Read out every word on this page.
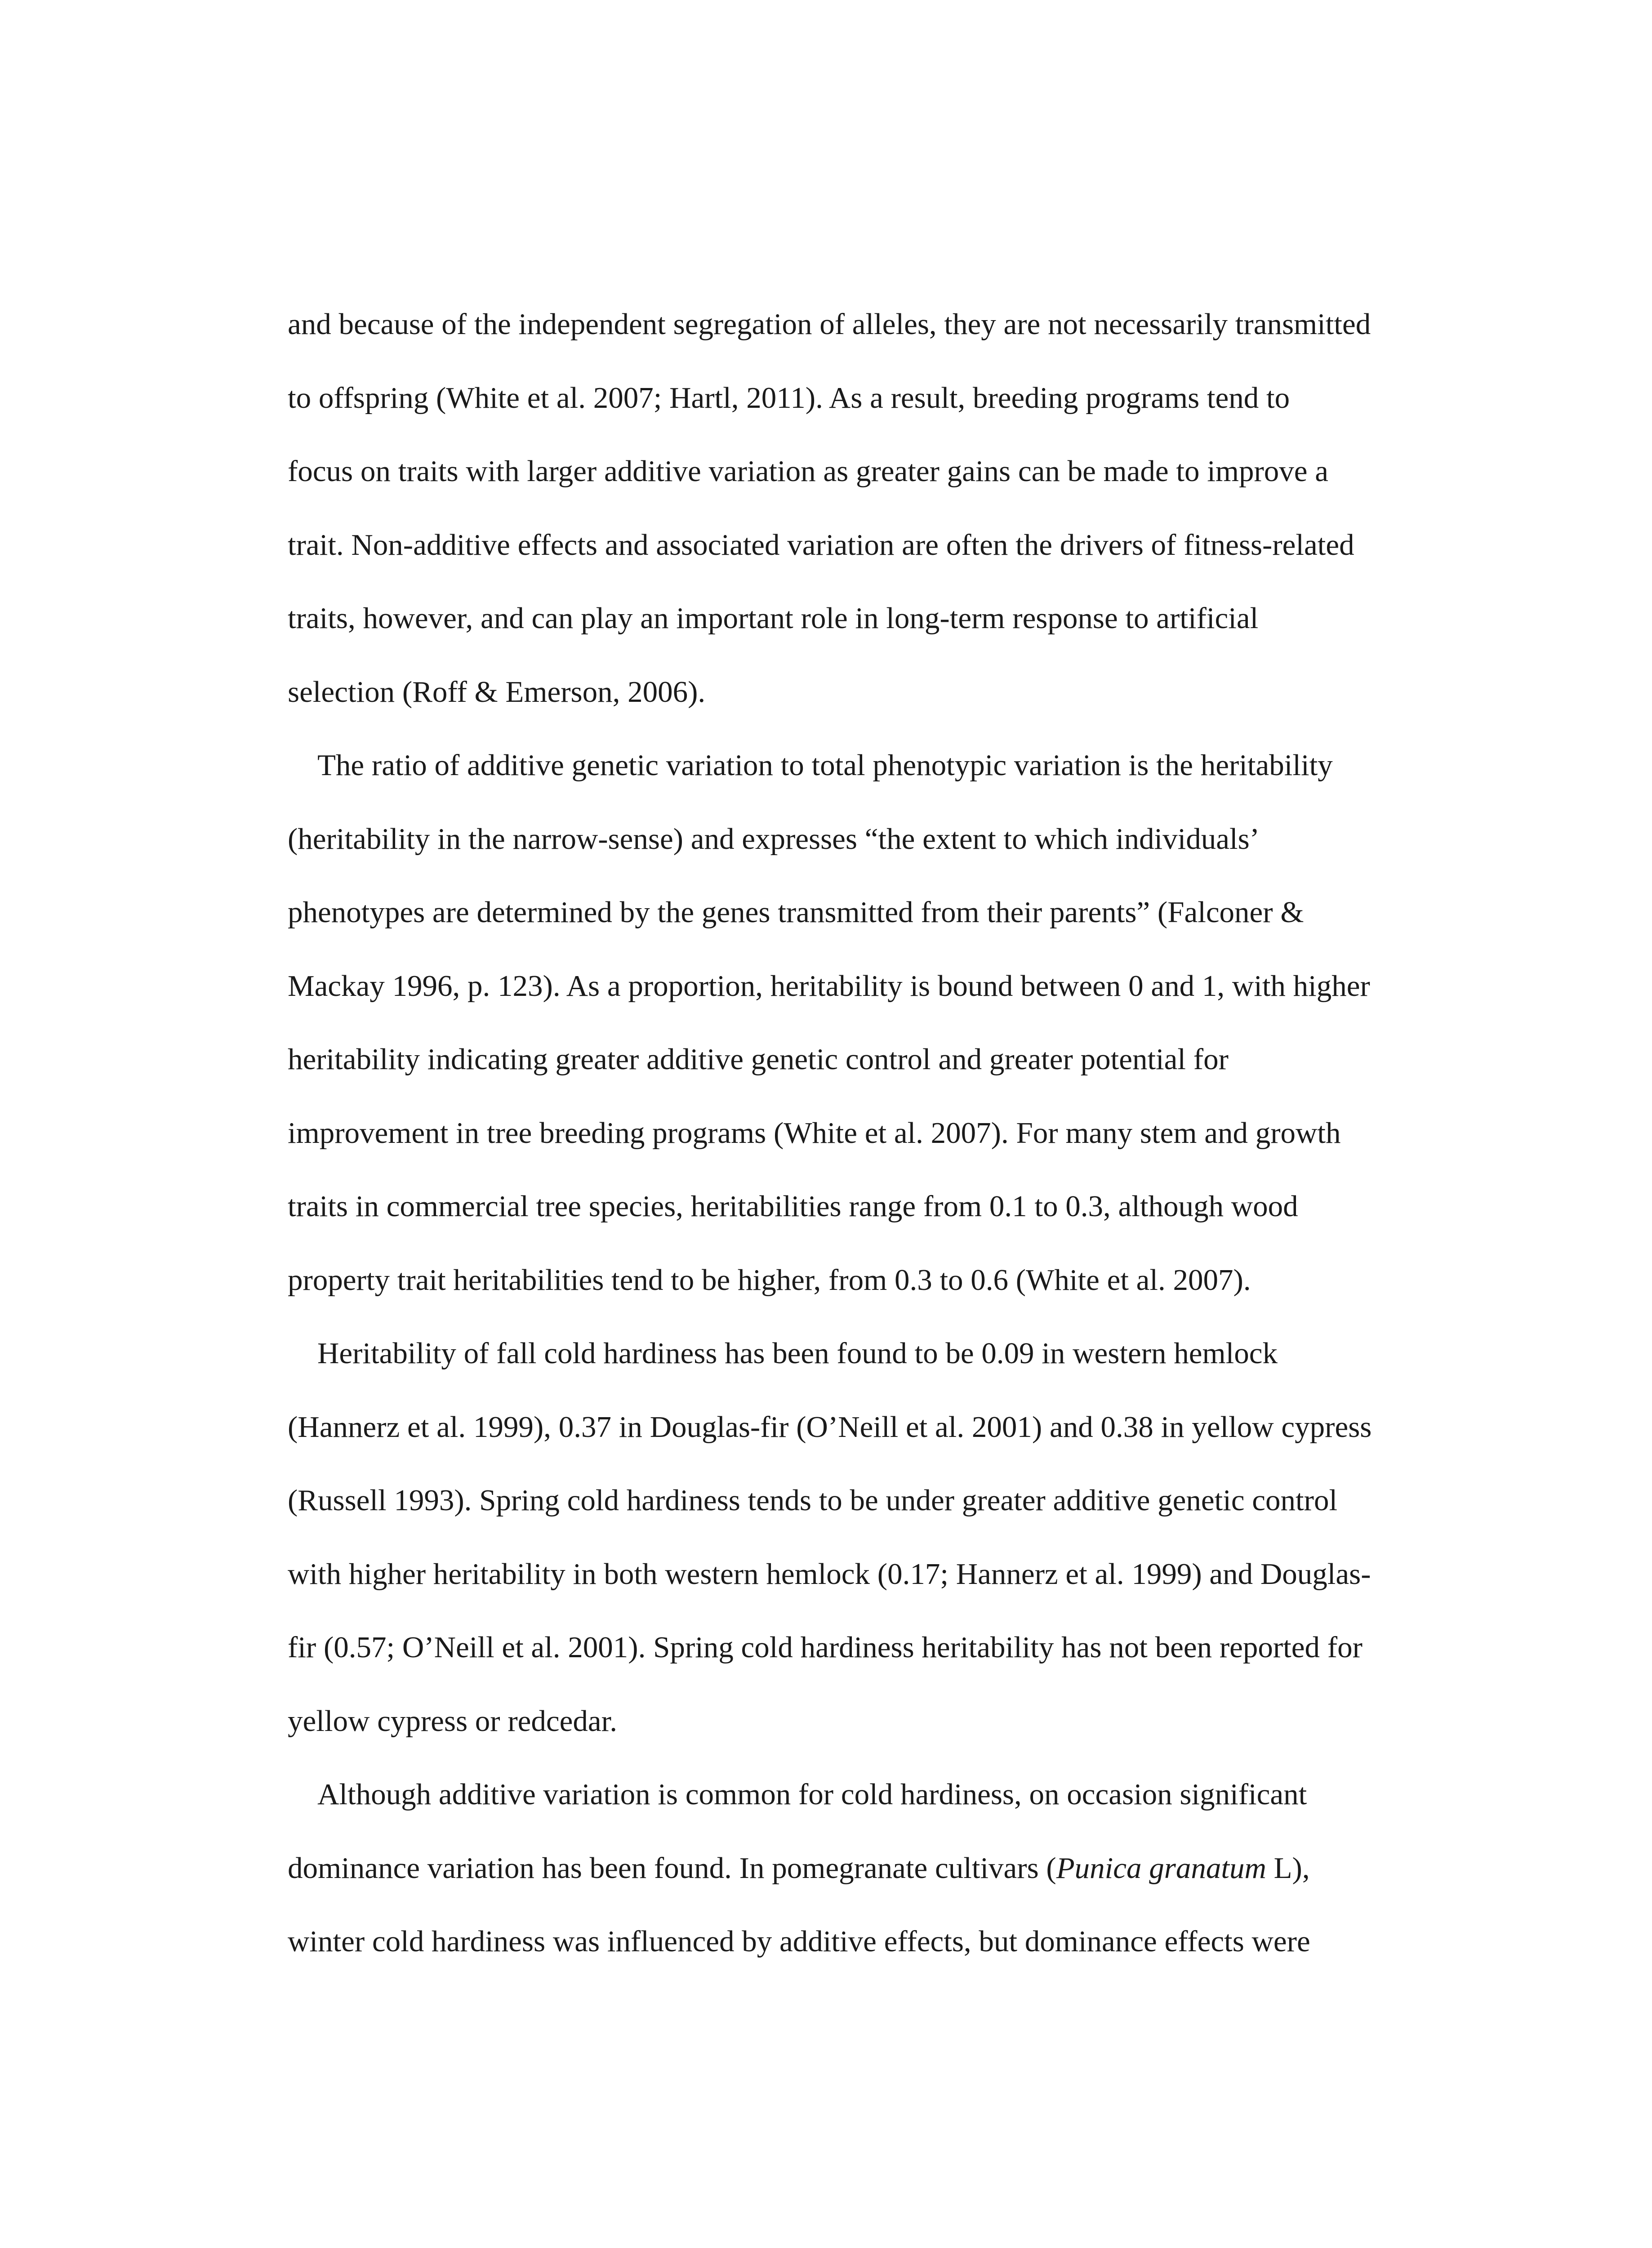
and because of the independent segregation of alleles, they are not necessarily transmitted
to offspring (White et al. 2007; Hartl, 2011). As a result, breeding programs tend to
focus on traits with larger additive variation as greater gains can be made to improve a
trait. Non-additive effects and associated variation are often the drivers of fitness-related
traits, however, and can play an important role in long-term response to artificial
selection (Roff & Emerson, 2006).
The ratio of additive genetic variation to total phenotypic variation is the heritability
(heritability in the narrow-sense) and expresses “the extent to which individuals’
phenotypes are determined by the genes transmitted from their parents” (Falconer &
Mackay 1996, p. 123). As a proportion, heritability is bound between 0 and 1, with higher
heritability indicating greater additive genetic control and greater potential for
improvement in tree breeding programs (White et al. 2007). For many stem and growth
traits in commercial tree species, heritabilities range from 0.1 to 0.3, although wood
property trait heritabilities tend to be higher, from 0.3 to 0.6 (White et al. 2007).
Heritability of fall cold hardiness has been found to be 0.09 in western hemlock
(Hannerz et al. 1999), 0.37 in Douglas-fir (O’Neill et al. 2001) and 0.38 in yellow cypress
(Russell 1993). Spring cold hardiness tends to be under greater additive genetic control
with higher heritability in both western hemlock (0.17; Hannerz et al. 1999) and Douglas-
fir (0.57; O’Neill et al. 2001). Spring cold hardiness heritability has not been reported for
yellow cypress or redcedar.
Although additive variation is common for cold hardiness, on occasion significant
dominance variation has been found. In pomegranate cultivars (Punica granatum L),
winter cold hardiness was influenced by additive effects, but dominance effects were
